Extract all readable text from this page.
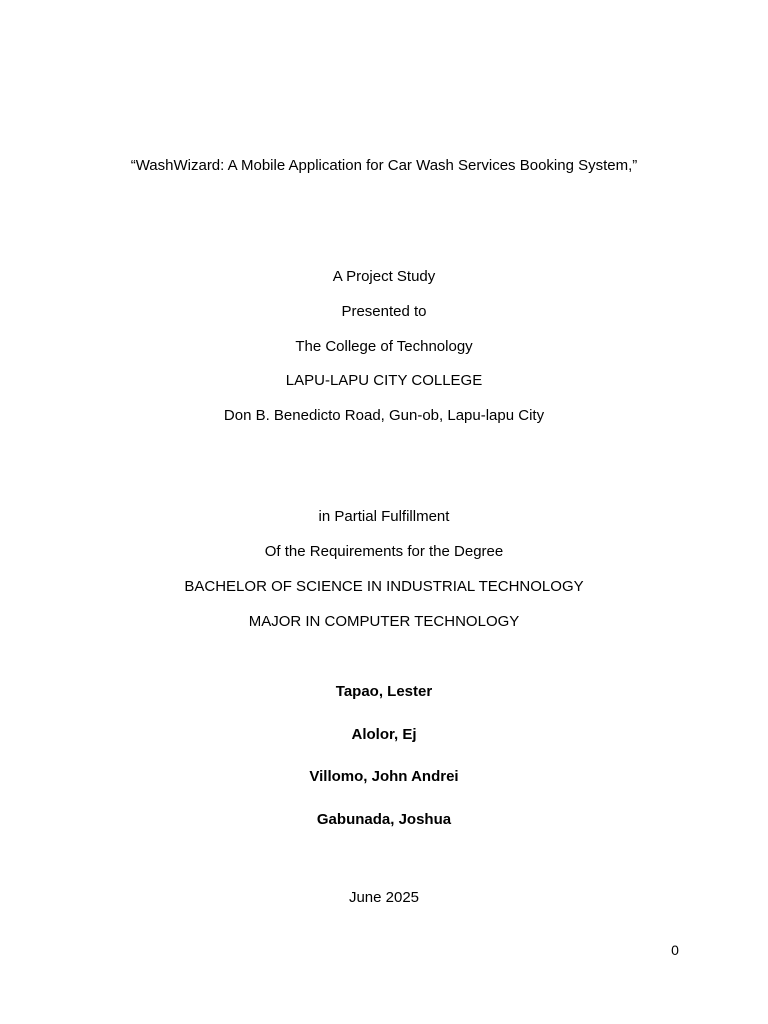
“WashWizard: A Mobile Application for Car Wash Services Booking System,”
A Project Study
Presented to
The College of Technology
LAPU-LAPU CITY COLLEGE
Don B. Benedicto Road, Gun-ob, Lapu-lapu City
in Partial Fulfillment
Of the Requirements for the Degree
BACHELOR OF SCIENCE IN INDUSTRIAL TECHNOLOGY
MAJOR IN COMPUTER TECHNOLOGY
Tapao, Lester
Alolor, Ej
Villomo, John Andrei
Gabunada, Joshua
June 2025
0
